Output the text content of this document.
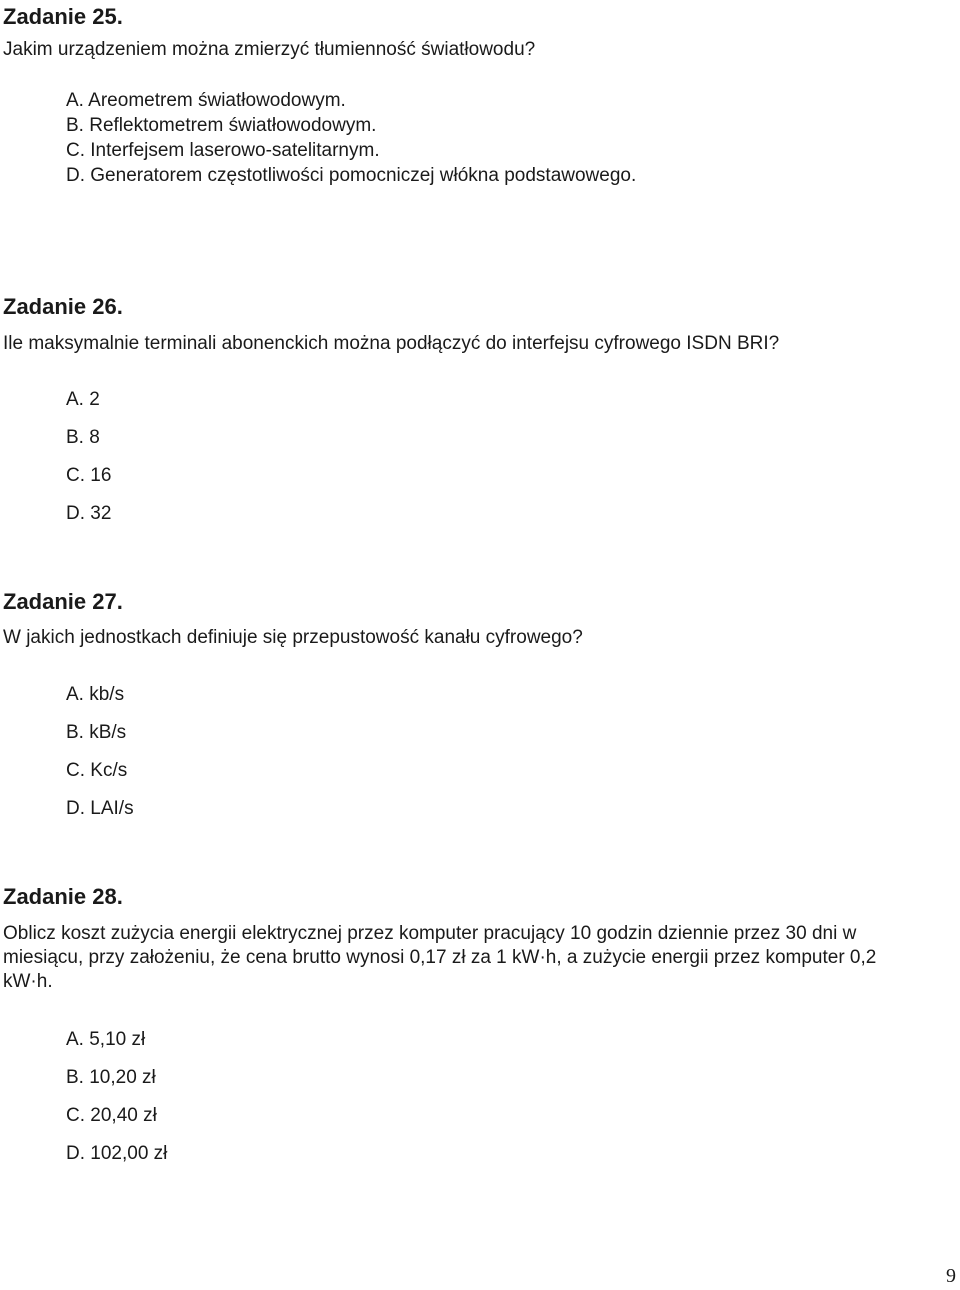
Zadanie 25.

Jakim urządzeniem można zmierzyć tłumienność światłowodu?

A. Areometrem światłowodowym.
B. Reflektometrem światłowodowym.
C. Interfejsem laserowo-satelitarnym.
D. Generatorem częstotliwości pomocniczej włókna podstawowego.
Zadanie 26.

Ile maksymalnie terminali abonenckich można podłączyć do interfejsu cyfrowego ISDN BRI?

A. 2
B. 8
C. 16
D. 32
Zadanie 27.

W jakich jednostkach definiuje się przepustowość kanału cyfrowego?

A. kb/s
B. kB/s
C. Kc/s
D. LAI/s
Zadanie 28.

Oblicz koszt zużycia energii elektrycznej przez komputer pracujący 10 godzin dziennie przez 30 dni w miesiącu, przy założeniu, że cena brutto wynosi 0,17 zł za 1 kW·h, a zużycie energii przez komputer 0,2 kW·h.

A. 5,10 zł
B. 10,20 zł
C. 20,40 zł
D. 102,00 zł
9
